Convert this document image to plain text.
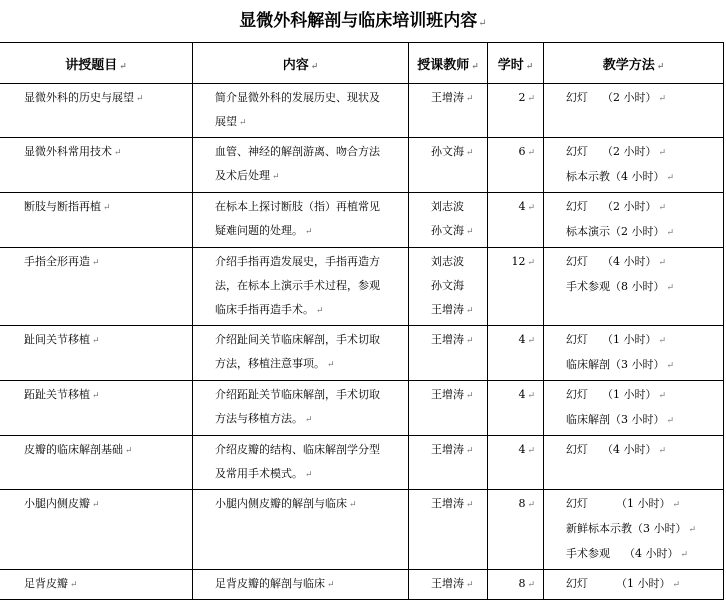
显微外科解剖与临床培训班内容↵
讲授题目 ↵	内容 ↵	授课教师 ↵	学时 ↵	教学方法 ↵

显微外科的历史与展望 ↵	简介显微外科的发展历史、现状及
展望 ↵	王增涛 ↵	2 ↵	幻灯    （2 小时） ↵

显微外科常用技术 ↵	血管、神经的解剖游离、吻合方法
及术后处理 ↵	孙文海 ↵	6 ↵	幻灯    （2 小时） ↵
标本示教（4 小时） ↵

断肢与断指再植 ↵	在标本上探讨断肢（指）再植常见
疑难问题的处理。 ↵	刘志波
孙文海 ↵	4 ↵	幻灯    （2 小时） ↵
标本演示（2 小时） ↵

手指全形再造 ↵	介绍手指再造发展史，手指再造方
法，在标本上演示手术过程，参观
临床手指再造手术。 ↵	刘志波
孙文海
王增涛 ↵	12 ↵	幻灯    （4 小时） ↵
手术参观（8 小时） ↵

趾间关节移植 ↵	介绍趾间关节临床解剖，手术切取
方法，移植注意事项。 ↵	王增涛 ↵	4 ↵	幻灯    （1 小时） ↵
临床解剖（3 小时） ↵

跖趾关节移植 ↵	介绍跖趾关节临床解剖，手术切取
方法与移植方法。 ↵	王增涛 ↵	4 ↵	幻灯    （1 小时） ↵
临床解剖（3 小时） ↵

皮瓣的临床解剖基础 ↵	介绍皮瓣的结构、临床解剖学分型
及常用手术模式。 ↵	王增涛 ↵	4 ↵	幻灯    （4 小时） ↵

小腿内侧皮瓣 ↵	小腿内侧皮瓣的解剖与临床 ↵	王增涛 ↵	8 ↵	幻灯        （1 小时） ↵
新鲜标本示教（3 小时） ↵
手术参观    （4 小时） ↵

足背皮瓣 ↵	足背皮瓣的解剖与临床 ↵	王增涛 ↵	8 ↵	幻灯        （1 小时） ↵
